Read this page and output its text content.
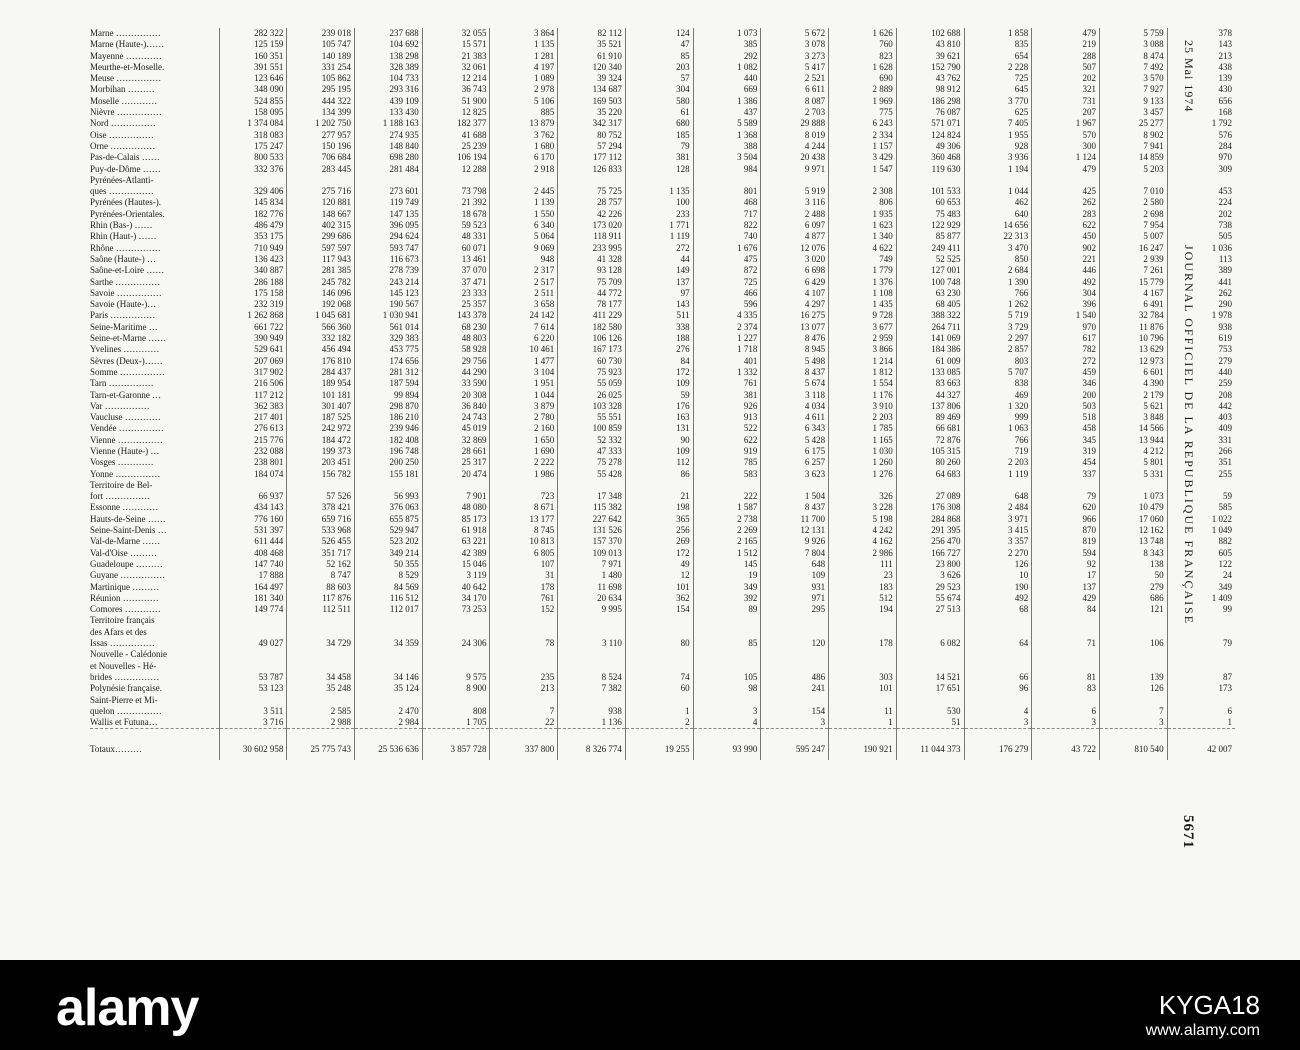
Marne ……………	282 322	239 018	237 688	32 055	3 864	82 112	124	1 073	5 672	1 626	102 688	1 858	479	5 759	378
Marne (Haute-)……	125 159	105 747	104 692	15 571	1 135	35 521	47	385	3 078	760	43 810	835	219	3 088	143
Mayenne …………	160 351	140 189	138 298	21 383	1 281	61 910	85	292	3 273	823	39 621	654	288	8 474	213
Meurthe-et-Moselle.	391 551	331 254	328 389	32 061	4 197	120 340	203	1 082	5 417	1 628	152 790	2 228	507	7 492	438
Meuse ……………	123 646	105 862	104 733	12 214	1 089	39 324	57	440	2 521	690	43 762	725	202	3 570	139
Morbihan ………	348 090	295 195	293 316	36 743	2 978	134 687	304	669	6 611	2 889	98 912	645	321	7 927	430
Moselle …………	524 855	444 322	439 109	51 900	5 106	169 503	580	1 386	8 087	1 969	186 298	3 770	731	9 133	656
Nièvre ……………	158 095	134 399	133 430	12 825	885	35 220	61	437	2 703	775	76 087	625	207	3 457	168
Nord ……………	1 374 084	1 202 750	1 188 163	182 377	13 879	342 317	680	5 589	29 888	6 243	571 071	7 405	1 967	25 277	1 792
Oise ……………	318 083	277 957	274 935	41 688	3 762	80 752	185	1 368	8 019	2 334	124 824	1 955	570	8 902	576
Orne ……………	175 247	150 196	148 840	25 239	1 680	57 294	79	388	4 244	1 157	49 306	928	300	7 941	284
Pas-de-Calais ……	800 533	706 684	698 280	106 194	6 170	177 112	381	3 504	20 438	3 429	360 468	3 936	1 124	14 859	970
Puy-de-Dôme ……	332 376	283 445	281 484	12 288	2 918	126 833	128	984	9 971	1 547	119 630	1 194	479	5 203	309
Pyrénées-Atlanti-															
ques ……………	329 406	275 716	273 601	73 798	2 445	75 725	1 135	801	5 919	2 308	101 533	1 044	425	7 010	453
Pyrénées (Hautes-).	145 834	120 881	119 749	21 392	1 139	28 757	100	468	3 116	806	60 653	462	262	2 580	224
Pyrénées-Orientales.	182 776	148 667	147 135	18 678	1 550	42 226	233	717	2 488	1 935	75 483	640	283	2 698	202
Rhin (Bas-) ……	486 479	402 315	396 095	59 523	6 340	173 020	1 771	822	6 097	1 623	122 929	14 656	622	7 954	738
Rhin (Haut-) ……	353 175	299 686	294 624	48 331	5 064	118 911	1 119	740	4 877	1 340	85 877	22 313	450	5 007	505
Rhône ……………	710 949	597 597	593 747	60 071	9 069	233 995	272	1 676	12 076	4 622	249 411	3 470	902	16 247	1 036
Saône (Haute-) …	136 423	117 943	116 673	13 461	948	41 328	44	475	3 020	749	52 525	850	221	2 939	113
Saône-et-Loire ……	340 887	281 385	278 739	37 070	2 317	93 128	149	872	6 698	1 779	127 001	2 684	446	7 261	389
Sarthe ……………	286 188	245 782	243 214	37 471	2 517	75 709	137	725	6 429	1 376	100 748	1 390	492	15 779	441
Savoie ……………	175 158	146 096	145 123	23 333	2 511	44 772	97	466	4 107	1 108	63 230	766	304	4 167	262
Savoie (Haute-)…	232 319	192 068	190 567	25 357	3 658	78 177	143	596	4 297	1 435	68 405	1 262	396	6 491	290
Paris ……………	1 262 868	1 045 681	1 030 941	143 378	24 142	411 229	511	4 335	16 275	9 728	388 322	5 719	1 540	32 784	1 978
Seine-Maritime …	661 722	566 360	561 014	68 230	7 614	182 580	338	2 374	13 077	3 677	264 711	3 729	970	11 876	938
Seine-et-Marne ……	390 949	332 182	329 383	48 803	6 220	106 126	188	1 227	8 476	2 959	141 069	2 297	617	10 796	619
Yvelines …………	529 641	456 494	453 775	58 928	10 461	167 173	276	1 718	8 945	3 866	184 386	2 857	782	13 629	753
Sèvres (Deux-)……	207 069	176 810	174 656	29 756	1 477	60 730	84	401	5 498	1 214	61 009	803	272	12 973	279
Somme ……………	317 902	284 437	281 312	44 290	3 104	75 923	172	1 332	8 437	1 812	133 085	5 707	459	6 601	440
Tarn ……………	216 506	189 954	187 594	33 590	1 951	55 059	109	761	5 674	1 554	83 663	838	346	4 390	259
Tarn-et-Garonne …	117 212	101 181	99 894	20 308	1 044	26 025	59	381	3 118	1 176	44 327	469	200	2 179	208
Var ……………	362 383	301 407	298 870	36 840	3 879	103 328	176	926	4 034	3 910	137 806	1 320	503	5 621	442
Vaucluse …………	217 401	187 525	186 210	24 743	2 780	55 551	163	913	4 611	2 203	89 469	999	518	3 848	403
Vendée ……………	276 613	242 972	239 946	45 019	2 160	100 859	131	522	6 343	1 785	66 681	1 063	458	14 566	409
Vienne ……………	215 776	184 472	182 408	32 869	1 650	52 332	90	622	5 428	1 165	72 876	766	345	13 944	331
Vienne (Haute-) …	232 088	199 373	196 748	28 661	1 690	47 333	109	919	6 175	1 030	105 315	719	319	4 212	266
Vosges …………	238 801	203 451	200 250	25 317	2 222	75 278	112	785	6 257	1 260	80 260	2 203	454	5 801	351
Yonne ……………	184 074	156 782	155 181	20 474	1 986	55 428	86	583	3 623	1 276	64 683	1 119	337	5 331	255
Territoire de Bel-															
fort ……………	66 937	57 526	56 993	7 901	723	17 348	21	222	1 504	326	27 089	648	79	1 073	59
Essonne …………	434 143	378 421	376 063	48 080	8 671	115 382	198	1 587	8 437	3 228	176 308	2 484	620	10 479	585
Hauts-de-Seine ……	776 160	659 716	655 875	85 173	13 177	227 642	365	2 738	11 700	5 198	284 868	3 971	966	17 060	1 022
Seine-Saint-Denis …	531 397	533 968	529 947	61 918	8 745	131 526	256	2 269	12 131	4 242	291 395	3 415	870	12 162	1 049
Val-de-Marne ……	611 444	526 455	523 202	63 221	10 813	157 370	269	2 165	9 926	4 162	256 470	3 357	819	13 748	882
Val-d'Oise ………	408 468	351 717	349 214	42 389	6 805	109 013	172	1 512	7 804	2 986	166 727	2 270	594	8 343	605
Guadeloupe ………	147 740	52 162	50 355	15 046	107	7 971	49	145	648	111	23 800	126	92	138	122
Guyane ……………	17 888	8 747	8 529	3 119	31	1 480	12	19	109	23	3 626	10	17	50	24
Martinique ………	164 497	88 603	84 569	40 642	178	11 698	101	349	931	183	29 523	190	137	279	349
Réunion …………	181 340	117 876	116 512	34 170	761	20 634	362	392	971	512	55 674	492	429	686	1 409
Comores …………	149 774	112 511	112 017	73 253	152	9 995	154	89	295	194	27 513	68	84	121	99
Territoire français															
des Afars et des															
Issas ……………	49 027	34 729	34 359	24 306	78	3 110	80	85	120	178	6 082	64	71	106	79
Nouvelle - Calédonie															
et Nouvelles - Hé-															
brides ……………	53 787	34 458	34 146	9 575	235	8 524	74	105	486	303	14 521	66	81	139	87
Polynésie française.	53 123	35 248	35 124	8 900	213	7 382	60	98	241	101	17 651	96	83	126	173
Saint-Pierre et Mi-															
quelon ……………	3 511	2 585	2 470	808	7	938	1	3	154	11	530	4	6	7	6
Wallis et Futuna…	3 716	2 988	2 984	1 705	22	1 136	2	4	3	1	51	3	3	3	1
Totaux………	30 602 958	25 775 743	25 536 636	3 857 728	337 800	8 326 774	19 255	93 990	595 247	190 921	11 044 373	176 279	43 722	810 540	42 007
25 Mai 1974
JOURNAL OFFICIEL DE LA REPUBLIQUE FRANÇAISE
5671
alamy	KYGA18
www.alamy.com
